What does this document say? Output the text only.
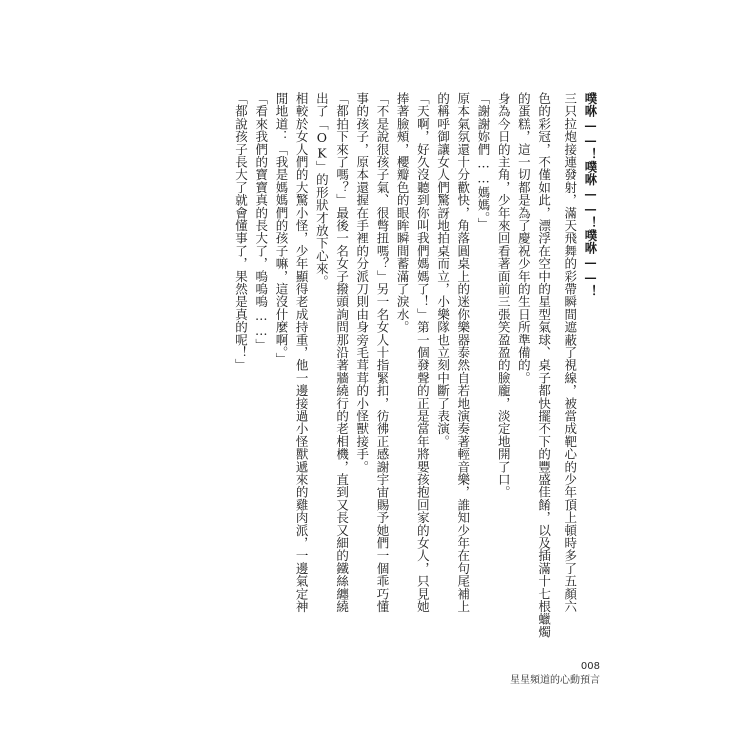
噗咻——！噗咻——！噗咻——！
三只拉炮接連發射，滿天飛舞的彩帶瞬間遮蔽了視線，被當成靶心的少年頂上頓時多了五顏六
色的彩冠，不僅如此，漂浮在空中的星型氣球、桌子都快擺不下的豐盛佳餚，以及插滿十七根蠟燭
的蛋糕，這一切都是為了慶祝少年的生日所準備的。
身為今日的主角，少年來回看著面前三張笑盈盈的臉龐，淡定地開了口。
「謝謝妳們……媽媽。」
原本氣氛還十分歡快，角落圓桌上的迷你樂器泰然自若地演奏著輕音樂，誰知少年在句尾補上
的稱呼御讓女人們驚訝地拍桌而立，小樂隊也立刻中斷了表演。
「天啊，好久沒聽到你叫我們媽媽了！」第一個發聲的正是當年將嬰孩抱回家的女人，只見她
捧著臉頰，櫻瓣色的眼眸瞬間蓄滿了淚水。
「不是說很孩子氣、很彆扭嗎？」另一名女人十指緊扣，彷彿正感謝宇宙賜予她們一個乖巧懂
事的孩子，原本還握在手裡的分派刀則由身旁毛茸茸的小怪獸接手。
「都拍下來了嗎？」最後一名女子撥頭詢問那沿著牆繞行的老相機，直到又長又細的鐵絲纏繞
出了「OK」的形狀才放下心來。
相較於女人們的大驚小怪，少年顯得老成持重，他一邊接過小怪獸遞來的雞肉派，一邊氣定神
閒地道：「我是媽媽們的孩子嘛，這沒什麼啊。」
「看來我們的寶寶真的長大了，嗚嗚嗚……」
「都說孩子長大了就會懂事了，果然是真的呢！」
008
星星頻道的心動預言
